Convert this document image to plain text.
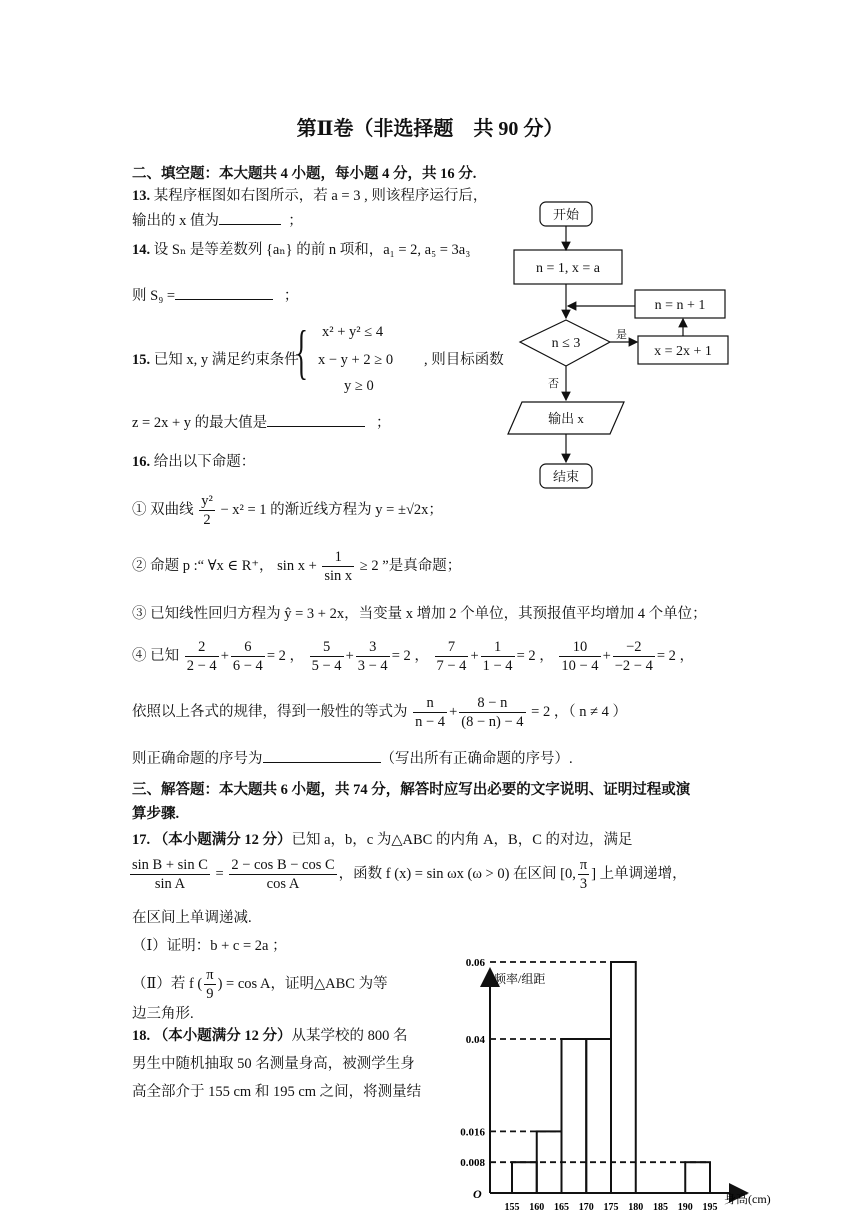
第Ⅱ卷（非选择题　共 90 分）
二、填空题：本大题共 4 小题，每小题 4 分，共 16 分.
13. 某程序框图如右图所示，若 a = 3 , 则该程序运行后，
输出的 x 值为	；
14. 设 Sₙ 是等差数列 {aₙ} 的前 n 项和，a₁ = 2, a₅ = 3a₃
则 S₉ =	；
15. 已知 x, y 满足约束条件
{ x² + y² ≤ 4
x − y + 2 ≥ 0
y ≥ 0
, 则目标函数
z = 2x + y 的最大值是	；
16. 给出以下命题：
① 双曲线 $\frac{\text{y²}}{2} - x^2 = 1$ 的渐近线方程为 y = ±√2x；
② 命题 p :“ ∀x ∈ R⁺， $\sin x + \frac{1}{\text{sin x}} \ge 2$ ”是真命题；
③ 已知线性回归方程为 ŷ = 3 + 2x，当变量 x 增加 2 个单位，其预报值平均增加 4 个单位；
④ 已知 $\frac{2}{2 - 4} + \frac{6}{6 - 4} = 2$ ， $\frac{5}{5 - 4} + \frac{3}{3 - 4} = 2$ ， $\frac{7}{7 - 4} + \frac{1}{1 - 4} = 2$ ， $\frac{10}{10 - 4} + \frac{-2}{-2 - 4} = 2$ ，
依照以上各式的规律，得到一般性的等式为 $\frac{n}{n - 4} + \frac{8 - n}{(8 - n) - 4} = 2$ ，（ n ≠ 4 ）
则正确命题的序号为	（写出所有正确命题的序号）.
三、解答题：本大题共 6 小题，共 74 分，解答时应写出必要的文字说明、证明过程或演
算步骤.
17. （本小题满分 12 分）已知 a，b，c 为△ABC 的内角 A，B，C 的对边，满足
$\frac{\text{sin B + sin C}}{\text{sin A}} = \frac{\text{2 − cos B − cos C}}{\text{cos A}}$ ，函数 f (x) = sin ωx (ω > 0) 在区间 [0, $\frac{\pi}{3}$ ] 上单调递增，
在区间上单调递减.
（Ⅰ）证明：b + c = 2a ；
（Ⅱ）若 f ( $\frac{\pi}{9}$ ) = cos A，证明△ABC 为等
边三角形.
18. （本小题满分 12 分）从某学校的 800 名
男生中随机抽取 50 名测量身高，被测学生身
高全部介于 155 cm 和 195 cm 之间，将测量结
开始
n = 1, x = a
n ≤ 3
x = 2x + 1
n = n + 1
是
否
输出 x
结束
频率/组距
身高(cm)
O
0.008
0.016
0.04
0.06
155 160 165 170 175 180 185 190 195
